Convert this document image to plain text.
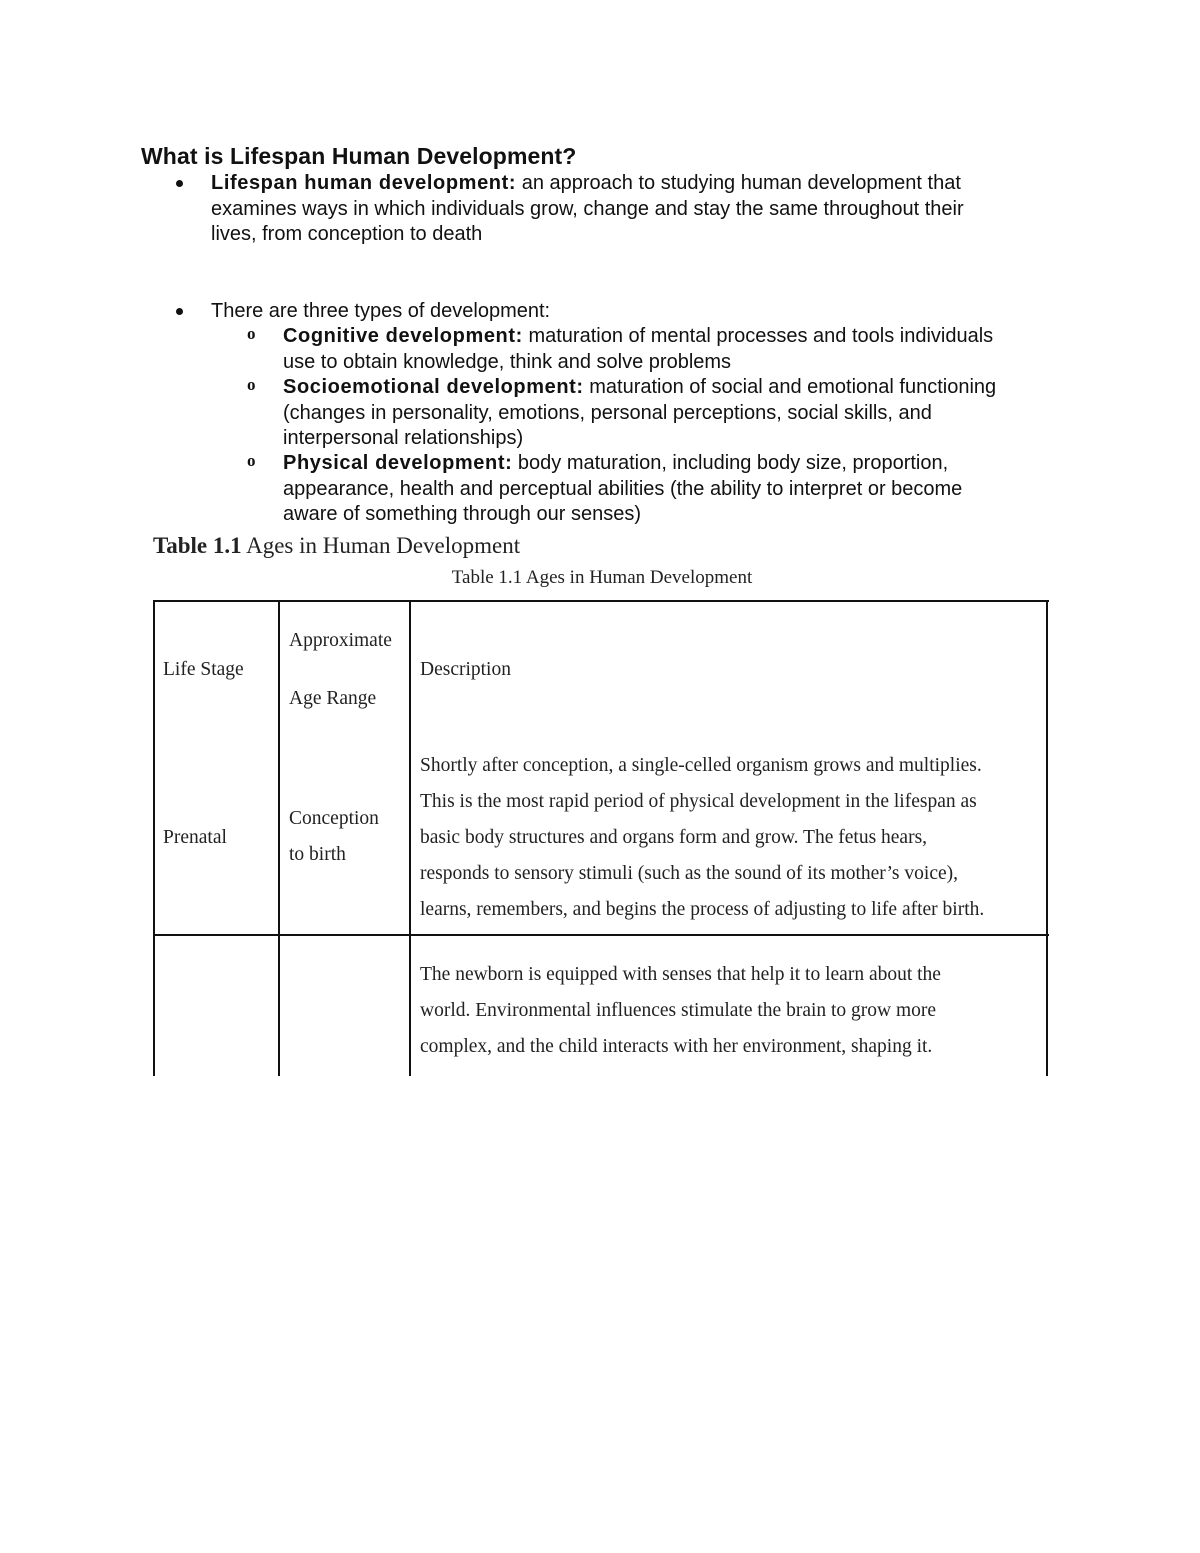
What is Lifespan Human Development?
Lifespan human development: an approach to studying human development that
examines ways in which individuals grow, change and stay the same throughout their
lives, from conception to death
There are three types of development:
o Cognitive development: maturation of mental processes and tools individuals
use to obtain knowledge, think and solve problems
o Socioemotional development: maturation of social and emotional functioning
(changes in personality, emotions, personal perceptions, social skills, and
interpersonal relationships)
o Physical development: body maturation, including body size, proportion,
appearance, health and perceptual abilities (the ability to interpret or become
aware of something through our senses)
Table 1.1 Ages in Human Development
Table 1.1 Ages in Human Development
Life Stage
Approximate
Age Range
Description
Prenatal
Conception
to birth
Shortly after conception, a single-celled organism grows and multiplies.
This is the most rapid period of physical development in the lifespan as
basic body structures and organs form and grow. The fetus hears,
responds to sensory stimuli (such as the sound of its mother’s voice),
learns, remembers, and begins the process of adjusting to life after birth.
The newborn is equipped with senses that help it to learn about the
world. Environmental influences stimulate the brain to grow more
complex, and the child interacts with her environment, shaping it.
